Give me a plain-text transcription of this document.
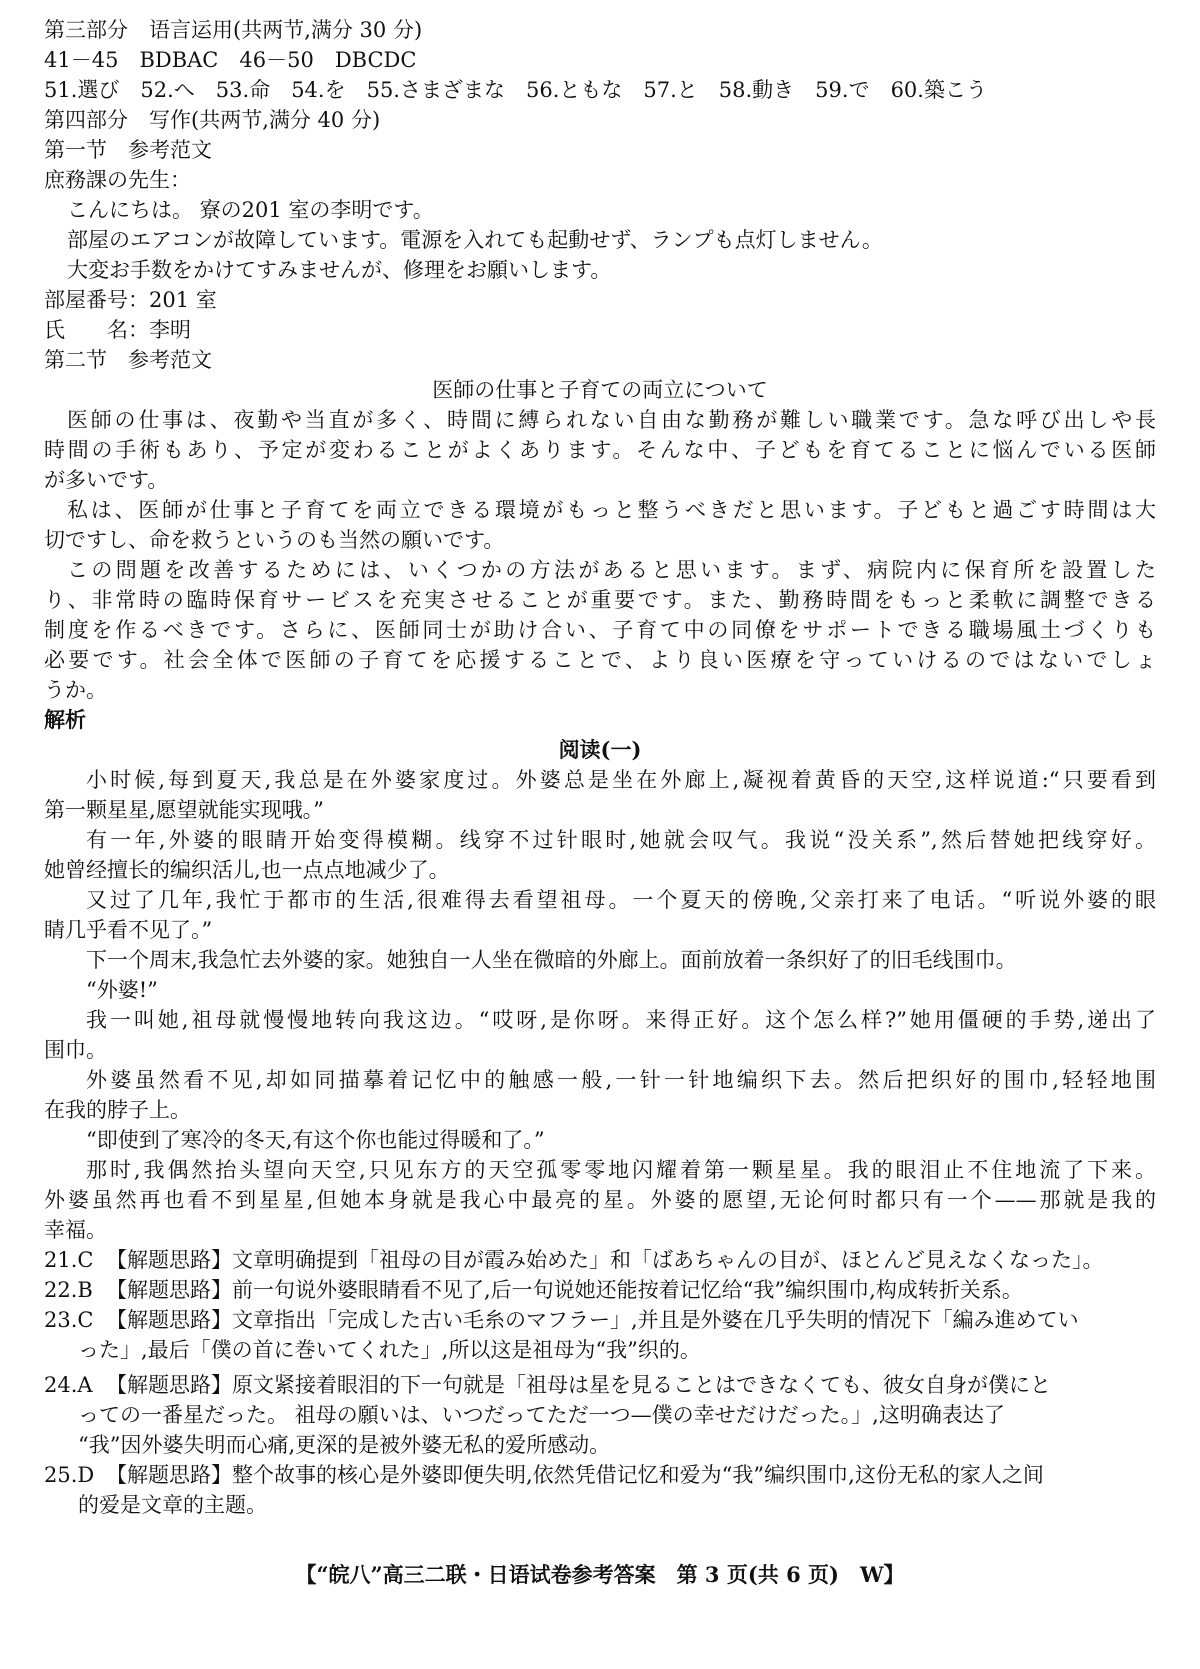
第三部分　语言运用(共两节,满分 30 分)
41－45　BDBAC　46－50　DBCDC
51.選び　52.へ　53.命　54.を　55.さまざまな　56.ともな　57.と　58.動き　59.で　60.築こう
第四部分　写作(共两节,满分 40 分)
第一节　参考范文
庶務課の先生：
こんにちは。 寮の201 室の李明です。
部屋のエアコンが故障しています。電源を入れても起動せず、ランプも点灯しません。
大変お手数をかけてすみませんが、修理をお願いします。
部屋番号：201 室
氏　　名：李明
第二节　参考范文
医師の仕事と子育ての両立について
医師の仕事は、夜勤や当直が多く、時間に縛られない自由な勤務が難しい職業です。急な呼び出しや長
時間の手術もあり、予定が変わることがよくあります。そんな中、子どもを育てることに悩んでいる医師
が多いです。
私は、医師が仕事と子育てを両立できる環境がもっと整うべきだと思います。子どもと過ごす時間は大
切ですし、命を救うというのも当然の願いです。
この問題を改善するためには、いくつかの方法があると思います。まず、病院内に保育所を設置した
り、非常時の臨時保育サービスを充実させることが重要です。また、勤務時間をもっと柔軟に調整できる
制度を作るべきです。さらに、医師同士が助け合い、子育て中の同僚をサポートできる職場風土づくりも
必要です。社会全体で医師の子育てを応援することで、より良い医療を守っていけるのではないでしょ
うか。
解析
阅读(一)
小时候,每到夏天,我总是在外婆家度过。外婆总是坐在外廊上,凝视着黄昏的天空,这样说道:“只要看到
第一颗星星,愿望就能实现哦。”
有一年,外婆的眼睛开始变得模糊。线穿不过针眼时,她就会叹气。我说“没关系”,然后替她把线穿好。
她曾经擅长的编织活儿,也一点点地减少了。
又过了几年,我忙于都市的生活,很难得去看望祖母。一个夏天的傍晚,父亲打来了电话。“听说外婆的眼
睛几乎看不见了。”
下一个周末,我急忙去外婆的家。她独自一人坐在微暗的外廊上。面前放着一条织好了的旧毛线围巾。
“外婆!”
我一叫她,祖母就慢慢地转向我这边。“哎呀,是你呀。来得正好。这个怎么样?”她用僵硬的手势,递出了
围巾。
外婆虽然看不见,却如同描摹着记忆中的触感一般,一针一针地编织下去。然后把织好的围巾,轻轻地围
在我的脖子上。
“即使到了寒冷的冬天,有这个你也能过得暖和了。”
那时,我偶然抬头望向天空,只见东方的天空孤零零地闪耀着第一颗星星。我的眼泪止不住地流了下来。
外婆虽然再也看不到星星,但她本身就是我心中最亮的星。外婆的愿望,无论何时都只有一个——那就是我的
幸福。
21.C 【解题思路】文章明确提到「祖母の目が霞み始めた」和「ばあちゃんの目が、ほとんど見えなくなった」。
22.B 【解题思路】前一句说外婆眼睛看不见了,后一句说她还能按着记忆给“我”编织围巾,构成转折关系。
23.C 【解题思路】文章指出「完成した古い毛糸のマフラー」,并且是外婆在几乎失明的情况下「編み進めてい
った」,最后「僕の首に巻いてくれた」,所以这是祖母为“我”织的。
24.A 【解题思路】原文紧接着眼泪的下一句就是「祖母は星を見ることはできなくても、彼女自身が僕にと
っての一番星だった。 祖母の願いは、いつだってただ一つ—僕の幸せだけだった。」,这明确表达了
“我”因外婆失明而心痛,更深的是被外婆无私的爱所感动。
25.D 【解题思路】整个故事的核心是外婆即便失明,依然凭借记忆和爱为“我”编织围巾,这份无私的家人之间
的爱是文章的主题。
【“皖八”高三二联・日语试卷参考答案　第 3 页(共 6 页)　W】
